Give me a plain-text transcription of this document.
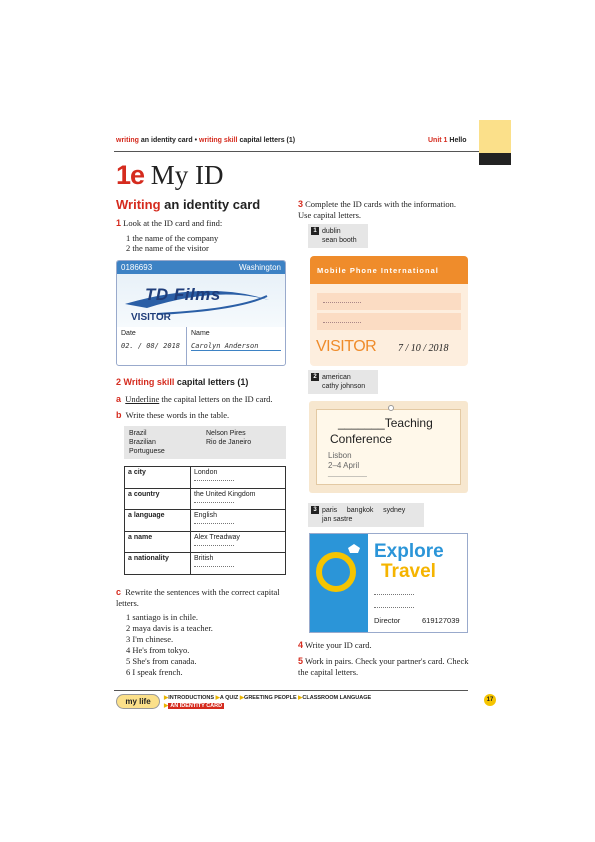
writing an identity card • writing skill capital letters (1)	Unit 1 Hello
1e My ID
Writing an identity card
1 Look at the ID card and find:
1 the name of the company
2 the name of the visitor
0186693	Washington
TD Films
VISITOR
Date
02. / 08/ 2018
Name
Carolyn Anderson
2 Writing skill capital letters (1)
a Underline the capital letters on the ID card.
b Write these words in the table.
Brazil
Brazilian
Portuguese
Nelson Pires
Rio de Janeiro
a city	London

a country	the United Kingdom

a language	English

a name	Alex Treadway

a nationality	British
c Rewrite the sentences with the correct capital letters.
1 santiago is in chile.
2 maya davis is a teacher.
3 I'm chinese.
4 He's from tokyo.
5 She's from canada.
6 I speak french.
3 Complete the ID cards with the information. Use capital letters.
1 dublin
sean booth
Mobile Phone International
VISITOR 7 / 10 / 2018
2 american
cathy johnson
_______Teaching
Conference
Lisbon
2–4 April
__________
3 paris     bangkok     sydney
jan sastre
Explore
Travel
Director	619127039
4 Write your ID card.
5 Work in pairs. Check your partner's card. Check the capital letters.
my life	▶INTRODUCTIONS ▶A QUIZ ▶GREETING PEOPLE ▶CLASSROOM LANGUAGE
▶ AN IDENTITY CARD
17
